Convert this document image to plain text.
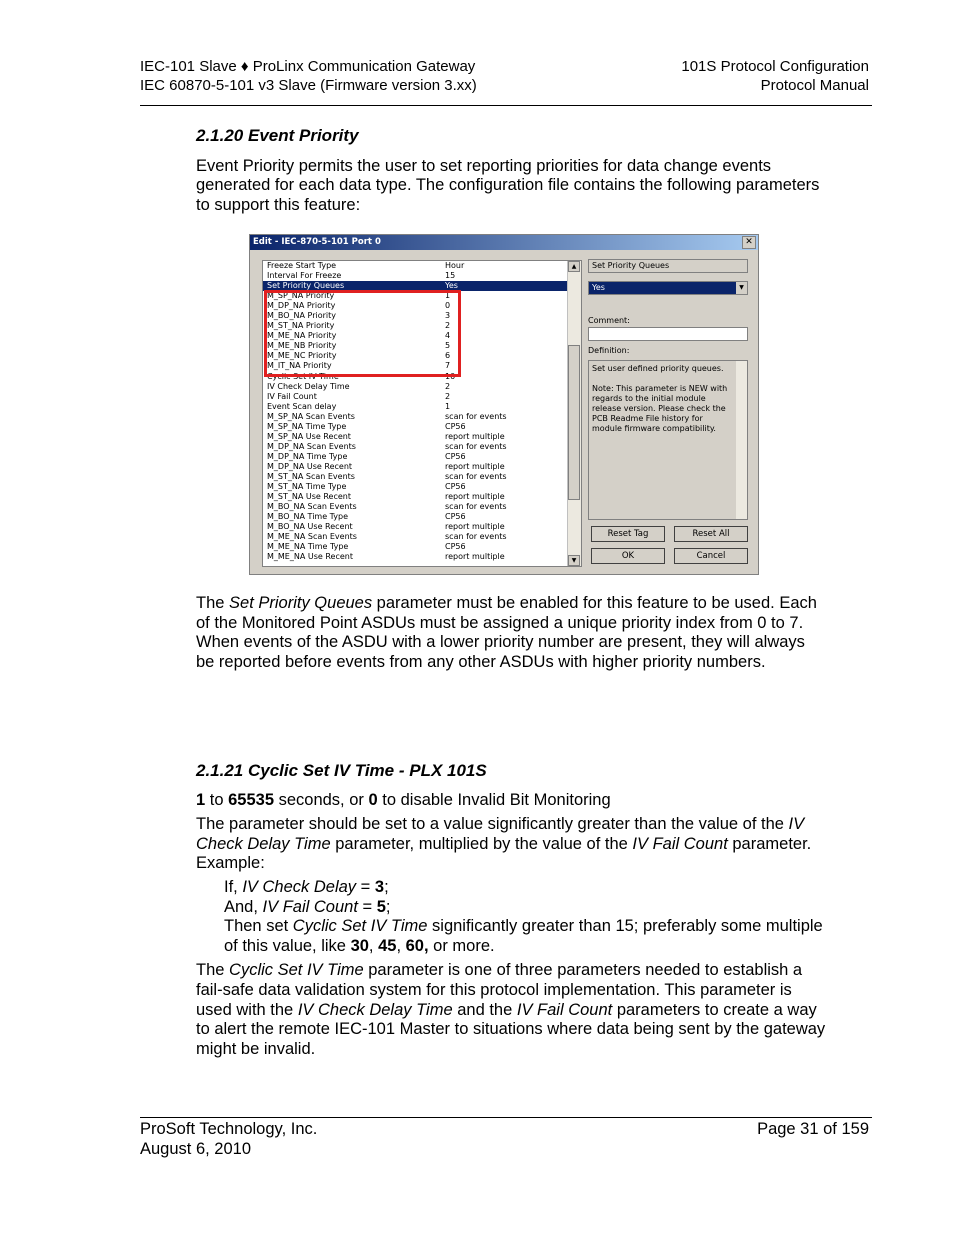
IEC-101 Slave ♦ ProLinx Communication Gateway
IEC 60870-5-101 v3 Slave (Firmware version 3.xx)
101S Protocol Configuration
Protocol Manual
2.1.20 Event Priority

Event Priority permits the user to set reporting priorities for data change events generated for each data type. The configuration file contains the following parameters to support this feature:

Edit - IEC-870-5-101 Port 0	✕
Freeze Start Type	Hour
Interval For Freeze	15
Set Priority Queues	Yes
M_SP_NA Priority	1
M_DP_NA Priority	0
M_BO_NA Priority	3
M_ST_NA Priority	2
M_ME_NA Priority	4
M_ME_NB Priority	5
M_ME_NC Priority	6
M_IT_NA Priority	7
Cyclic Set IV Time	10
IV Check Delay Time	2
IV Fail Count	2
Event Scan delay	1
M_SP_NA Scan Events	scan for events
M_SP_NA Time Type	CP56
M_SP_NA Use Recent	report multiple
M_DP_NA Scan Events	scan for events
M_DP_NA Time Type	CP56
M_DP_NA Use Recent	report multiple
M_ST_NA Scan Events	scan for events
M_ST_NA Time Type	CP56
M_ST_NA Use Recent	report multiple
M_BO_NA Scan Events	scan for events
M_BO_NA Time Type	CP56
M_BO_NA Use Recent	report multiple
M_ME_NA Scan Events	scan for events
M_ME_NA Time Type	CP56
M_ME_NA Use Recent	report multiple
▲
▼
Set Priority Queues
Yes	▼
Comment:
Definition:
Set user defined priority queues.
Note: This parameter is NEW with regards to the initial module release version. Please check the PCB Readme File history for module firmware compatibility.
Reset Tag	Reset All
OK	Cancel

The Set Priority Queues parameter must be enabled for this feature to be used. Each of the Monitored Point ASDUs must be assigned a unique priority index from 0 to 7. When events of the ASDU with a lower priority number are present, they will always be reported before events from any other ASDUs with higher priority numbers.

2.1.21 Cyclic Set IV Time - PLX 101S

1 to 65535 seconds, or 0 to disable Invalid Bit Monitoring

The parameter should be set to a value significantly greater than the value of the IV Check Delay Time parameter, multiplied by the value of the IV Fail Count parameter. Example:

If, IV Check Delay = 3;

And, IV Fail Count = 5;

Then set Cyclic Set IV Time significantly greater than 15; preferably some multiple of this value, like 30, 45, 60, or more.

The Cyclic Set IV Time parameter is one of three parameters needed to establish a fail-safe data validation system for this protocol implementation. This parameter is used with the IV Check Delay Time and the IV Fail Count parameters to create a way to alert the remote IEC-101 Master to situations where data being sent by the gateway might be invalid.

ProSoft Technology, Inc.
August 6, 2010
Page 31 of 159
